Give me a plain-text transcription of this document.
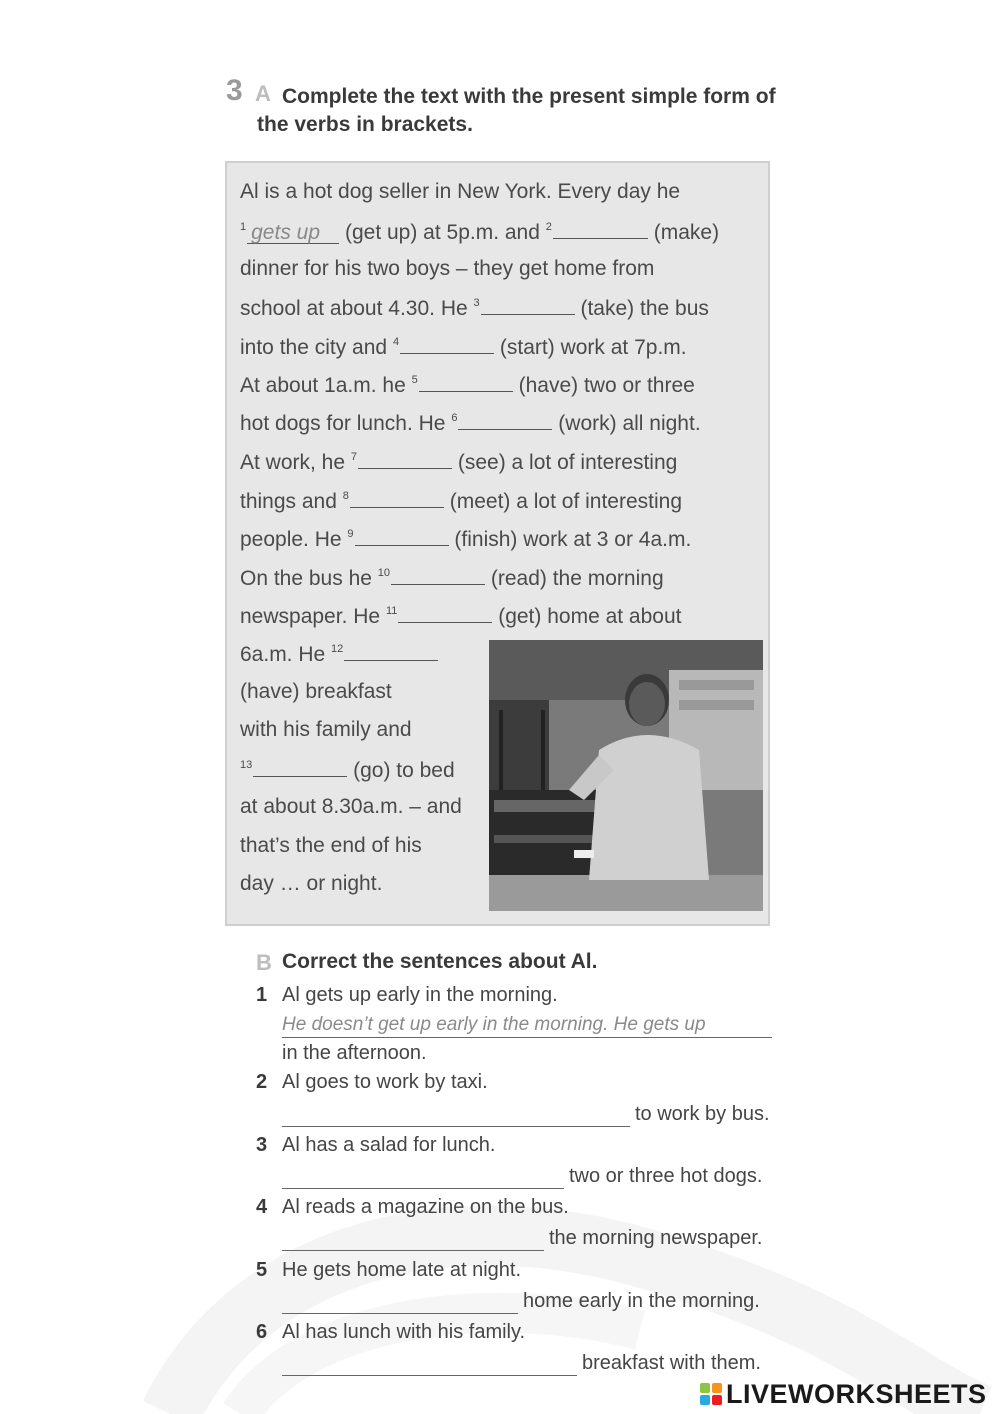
3 A Complete the text with the present simple form of
the verbs in brackets.
Al is a hot dog seller in New York. Every day he
$^1$ gets up (get up) at 5p.m. and $^2$	(make)
dinner for his two boys – they get home from
school at about 4.30. He $^3$	(take) the bus
into the city and $^4$	(start) work at 7p.m.
At about 1a.m. he $^5$	(have) two or three
hot dogs for lunch. He $^6$	(work) all night.
At work, he $^7$	(see) a lot of interesting
things and $^8$	(meet) a lot of interesting
people. He $^9$	(finish) work at 3 or 4a.m.
On the bus he $^{10}$	(read) the morning
newspaper. He $^{11}$	(get) home at about
6a.m. He $^{12}$
(have) breakfast
with his family and
$^{13}$	(go) to bed
at about 8.30a.m. – and
that’s the end of his
day … or night.
B Correct the sentences about Al.
1 Al gets up early in the morning.
He doesn’t get up early in the morning. He gets up
in the afternoon.
2 Al goes to work by taxi.
to work by bus.
3 Al has a salad for lunch.
two or three hot dogs.
4 Al reads a magazine on the bus.
the morning newspaper.
5 He gets home late at night.
home early in the morning.
6 Al has lunch with his family.
breakfast with them.
LIVEWORKSHEETS
